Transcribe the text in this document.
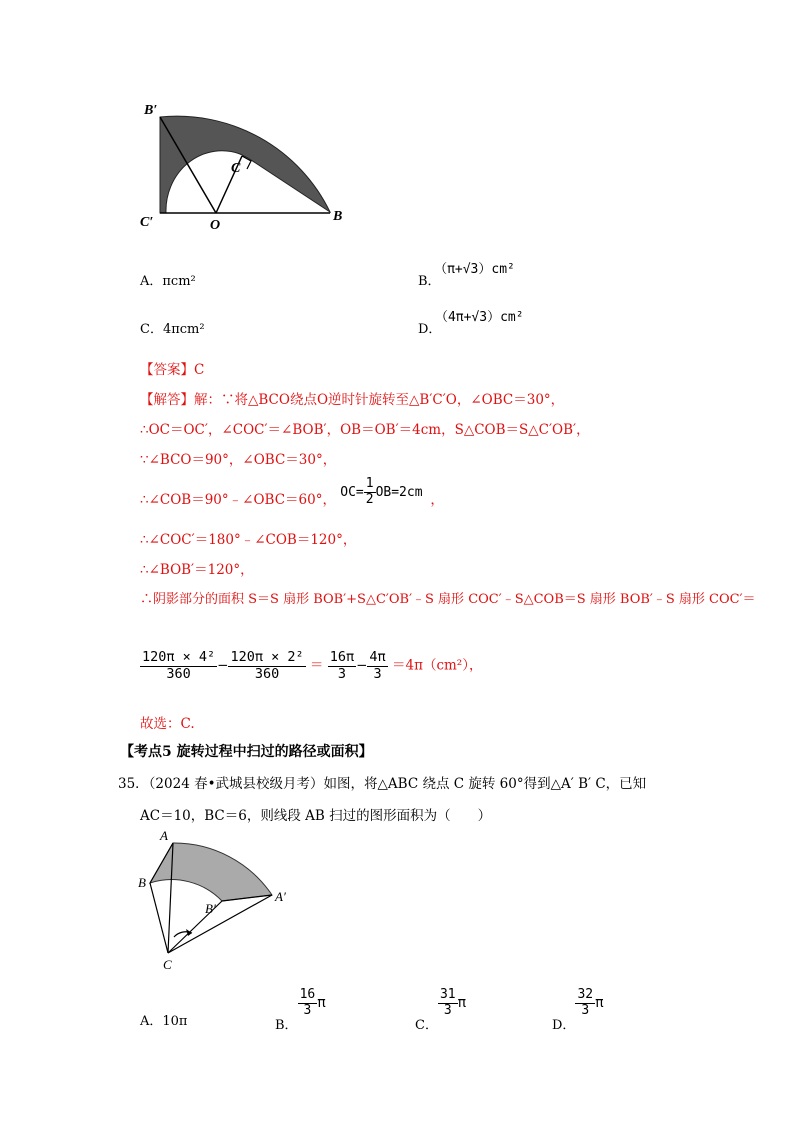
B′
C
C′	O
B
A．πcm²	B．（π+√3）cm²
C．4πcm²	D．（4π+√3）cm²
【答案】C
【解答】解：∵将△BCO绕点O逆时针旋转至△B′C′O，∠OBC＝30°，
∴OC＝OC′，∠COC′＝∠BOB′，OB＝OB′＝4cm，S△COB＝S△C′OB′，
∵∠BCO＝90°，∠OBC＝30°，
∴∠COB＝90°﹣∠OBC＝60°， $OC= \frac{1}{2} OB=2cm$ ，
∴∠COC′＝180°﹣∠COB＝120°，
∴∠BOB′＝120°，
∴阴影部分的面积 S＝S 扇形 BOB′+S△C′OB′﹣S 扇形 COC′﹣S△COB＝S 扇形 BOB′﹣S 扇形 COC′＝
$\frac{\text{120π × 4²}}{360} - \frac{\text{120π × 2²}}{360} = \frac{16\pi}{3} - \frac{4\pi}{3} =4\pi(cm^2)$，
故选：C.
【考点5 旋转过程中扫过的路径或面积】
35．（2024 春•武城县校级月考）如图，将△ABC 绕点 C 旋转 60°得到△A′ B′ C，已知
AC＝10，BC＝6，则线段 AB 扫过的图形面积为（　　）
A
B
B′
A′
C
A．10π	B．
$\frac{16}{3}$ π
C．
$\frac{31}{3}$ π
D．
$\frac{32}{3}$ π
